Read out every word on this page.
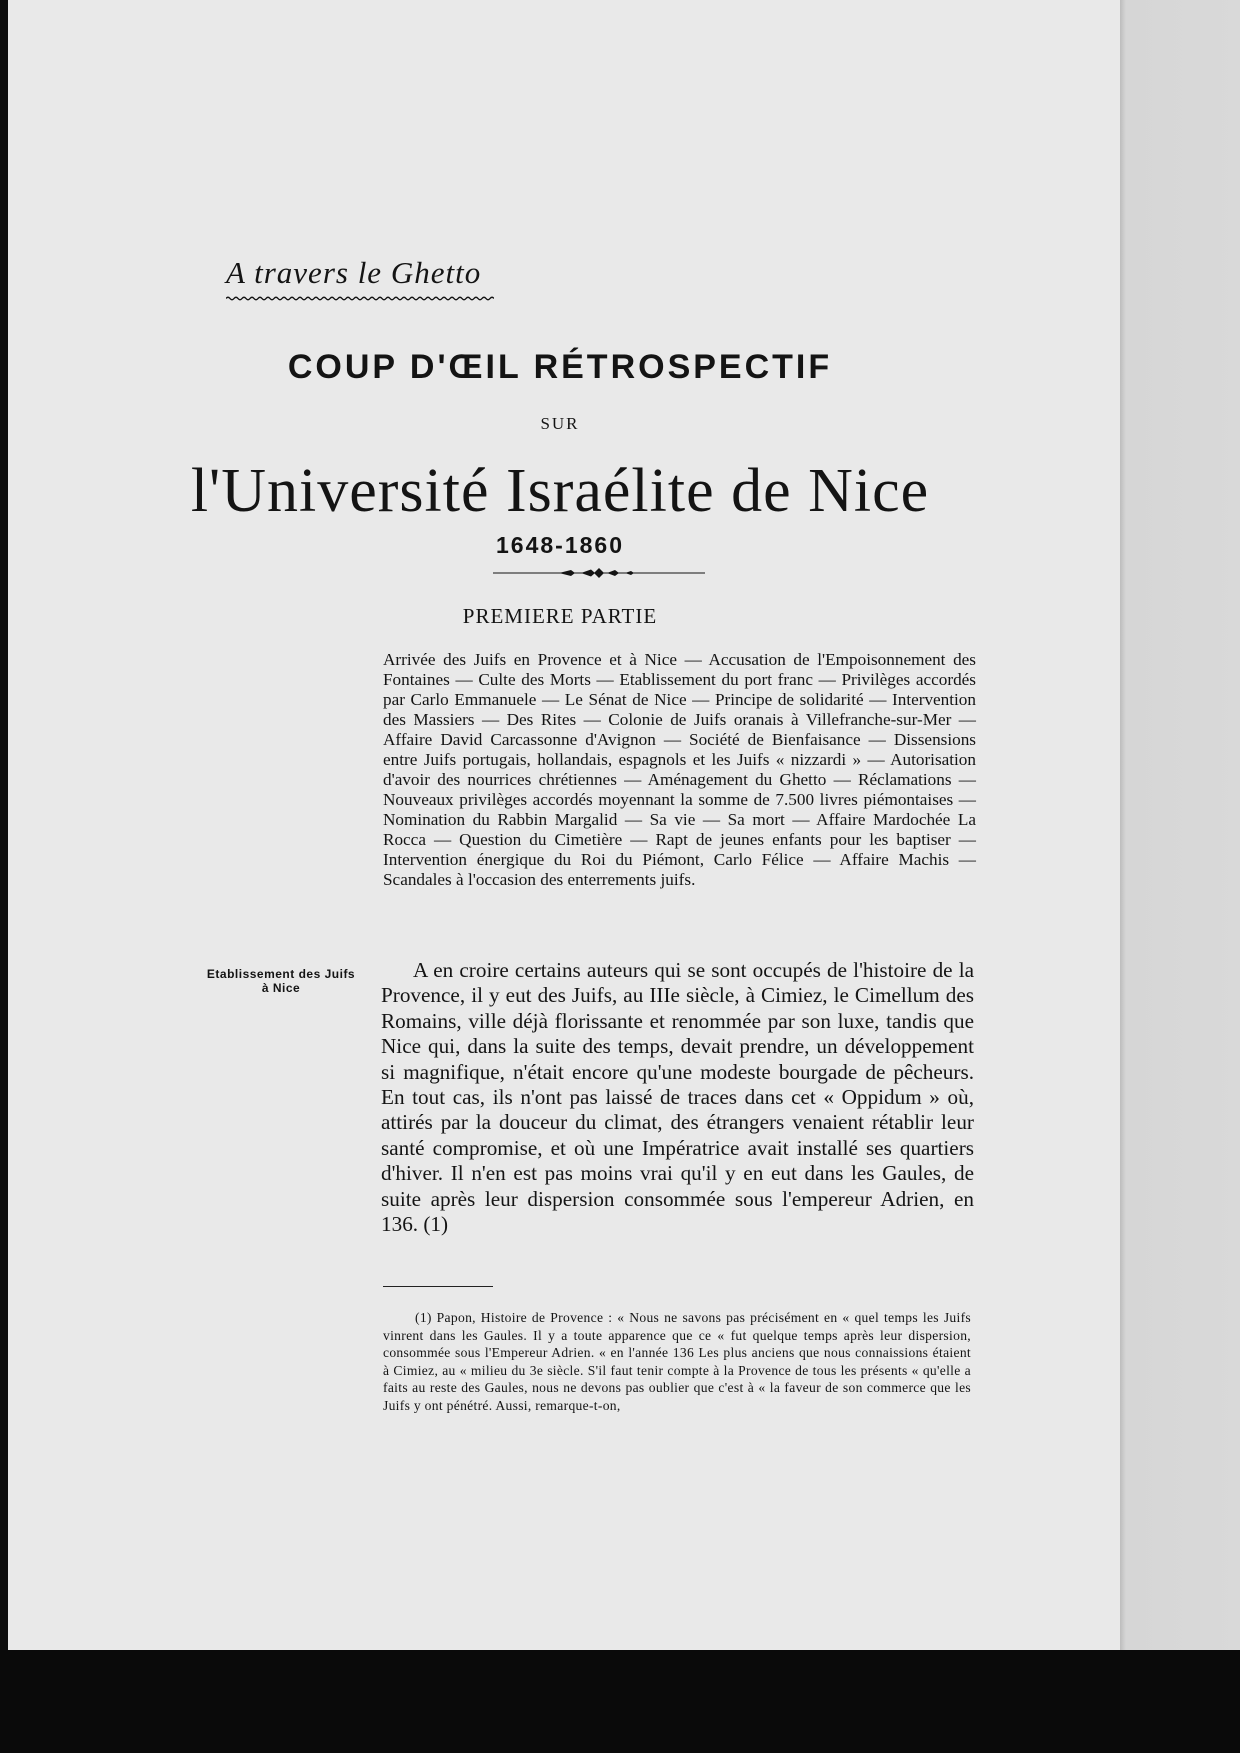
A travers le Ghetto
COUP D'ŒIL RÉTROSPECTIF
SUR
l'Université Israélite de Nice
1648-1860
PREMIERE PARTIE

Arrivée des Juifs en Provence et à Nice — Accusation de l'Empoisonnement des Fontaines — Culte des Morts — Etablissement du port franc — Privilèges accordés par Carlo Emmanuele — Le Sénat de Nice — Principe de solidarité — Intervention des Massiers — Des Rites — Colonie de Juifs oranais à Villefranche-sur-Mer — Affaire David Carcassonne d'Avignon — Société de Bienfaisance — Dissensions entre Juifs portugais, hollandais, espagnols et les Juifs « nizzardi » — Autorisation d'avoir des nourrices chrétiennes — Aménagement du Ghetto — Réclamations — Nouveaux privilèges accordés moyennant la somme de 7.500 livres piémontaises — Nomination du Rabbin Margalid — Sa vie — Sa mort — Affaire Mardochée La Rocca — Question du Cimetière — Rapt de jeunes enfants pour les baptiser — Intervention énergique du Roi du Piémont, Carlo Félice — Affaire Machis — Scandales à l'occasion des enterrements juifs.

Etablissement des Juifs
à Nice

A en croire certains auteurs qui se sont occupés de l'histoire de la Provence, il y eut des Juifs, au IIIe siècle, à Cimiez, le Cimellum des Romains, ville déjà florissante et renommée par son luxe, tandis que Nice qui, dans la suite des temps, devait prendre, un développement si magnifique, n'était encore qu'une modeste bourgade de pêcheurs. En tout cas, ils n'ont pas laissé de traces dans cet « Oppidum » où, attirés par la douceur du climat, des étrangers venaient rétablir leur santé compromise, et où une Impératrice avait installé ses quartiers d'hiver. Il n'en est pas moins vrai qu'il y en eut dans les Gaules, de suite après leur dispersion consommée sous l'empereur Adrien, en 136. (1)

(1) Papon, Histoire de Provence : « Nous ne savons pas précisément en « quel temps les Juifs vinrent dans les Gaules. Il y a toute apparence que ce « fut quelque temps après leur dispersion, consommée sous l'Empereur Adrien. « en l'année 136 Les plus anciens que nous connaissions étaient à Cimiez, au « milieu du 3e siècle. S'il faut tenir compte à la Provence de tous les présents « qu'elle a faits au reste des Gaules, nous ne devons pas oublier que c'est à « la faveur de son commerce que les Juifs y ont pénétré. Aussi, remarque-t-on,
